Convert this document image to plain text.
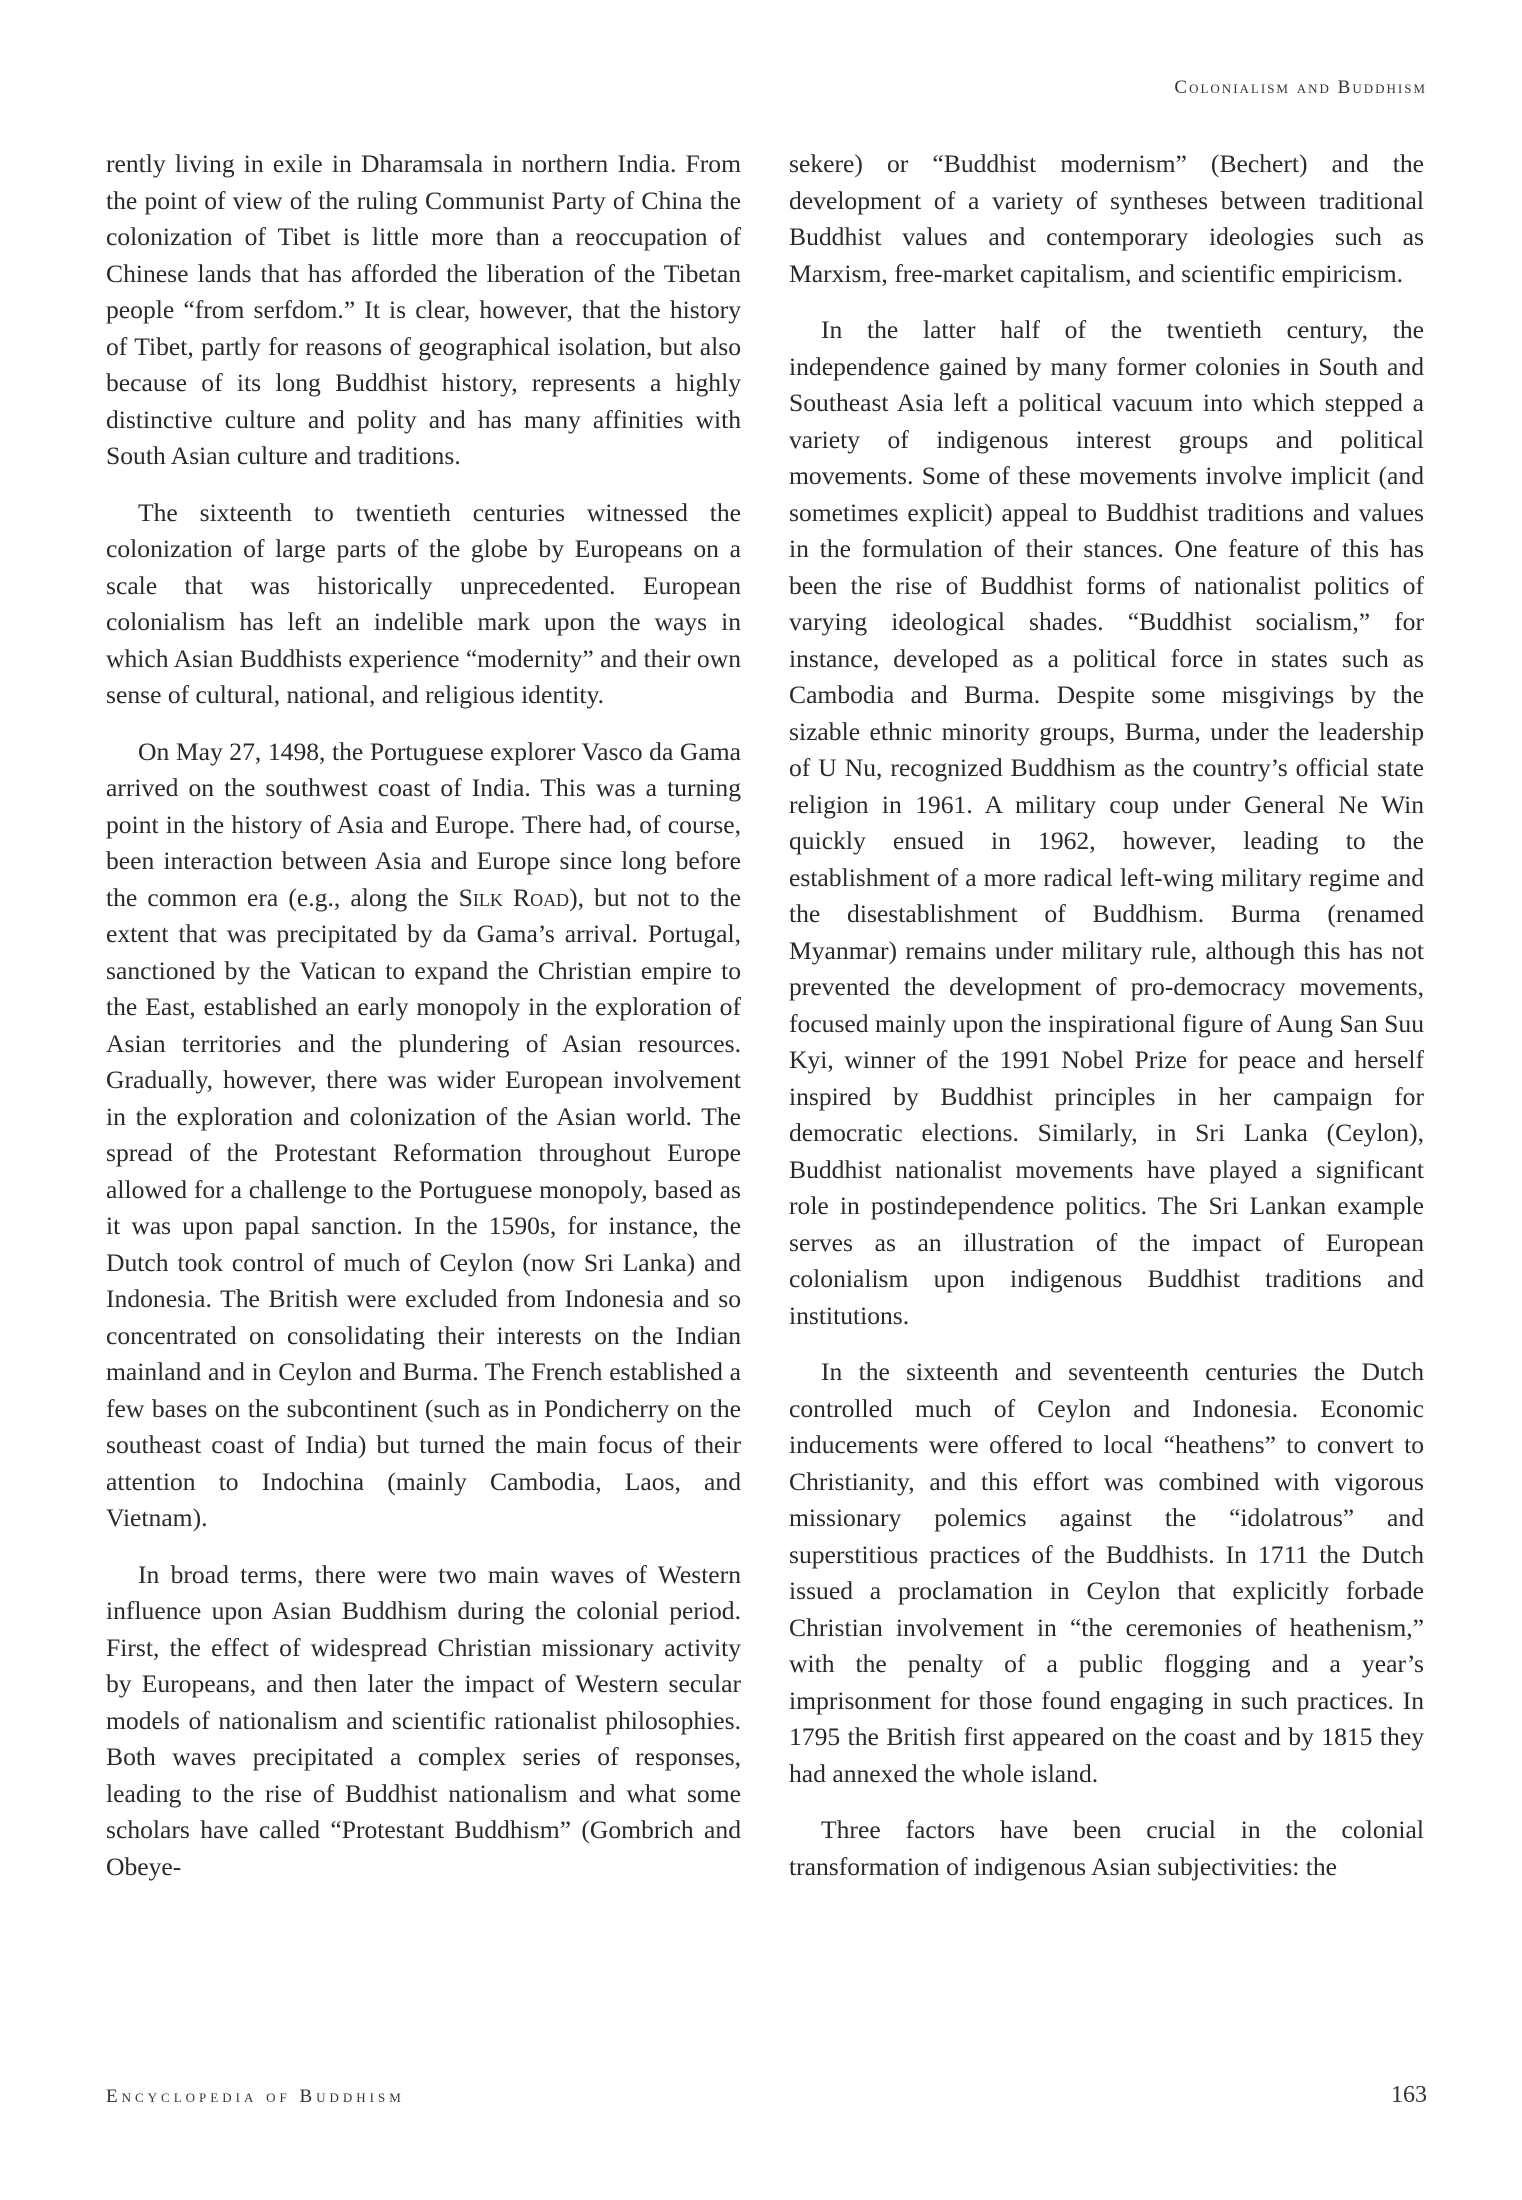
Colonialism and Buddhism

rently living in exile in Dharamsala in northern India. From the point of view of the ruling Communist Party of China the colonization of Tibet is little more than a reoccupation of Chinese lands that has afforded the liberation of the Tibetan people “from serfdom.” It is clear, however, that the history of Tibet, partly for reasons of geographical isolation, but also because of its long Buddhist history, represents a highly distinctive culture and polity and has many affinities with South Asian culture and traditions.

The sixteenth to twentieth centuries witnessed the colonization of large parts of the globe by Europeans on a scale that was historically unprecedented. European colonialism has left an indelible mark upon the ways in which Asian Buddhists experience “modernity” and their own sense of cultural, national, and religious identity.

On May 27, 1498, the Portuguese explorer Vasco da Gama arrived on the southwest coast of India. This was a turning point in the history of Asia and Europe. There had, of course, been interaction between Asia and Europe since long before the common era (e.g., along the Silk Road), but not to the extent that was precipitated by da Gama’s arrival. Portugal, sanctioned by the Vatican to expand the Christian empire to the East, established an early monopoly in the exploration of Asian territories and the plundering of Asian resources. Gradually, however, there was wider European involvement in the exploration and colonization of the Asian world. The spread of the Protestant Reformation throughout Europe allowed for a challenge to the Portuguese monopoly, based as it was upon papal sanction. In the 1590s, for instance, the Dutch took control of much of Ceylon (now Sri Lanka) and Indonesia. The British were excluded from Indonesia and so concentrated on consolidating their interests on the Indian mainland and in Ceylon and Burma. The French established a few bases on the subcontinent (such as in Pondicherry on the southeast coast of India) but turned the main focus of their attention to Indochina (mainly Cambodia, Laos, and Vietnam).

In broad terms, there were two main waves of Western influence upon Asian Buddhism during the colonial period. First, the effect of widespread Christian missionary activity by Europeans, and then later the impact of Western secular models of nationalism and scientific rationalist philosophies. Both waves precipitated a complex series of responses, leading to the rise of Buddhist nationalism and what some scholars have called “Protestant Buddhism” (Gombrich and Obeye-

sekere) or “Buddhist modernism” (Bechert) and the development of a variety of syntheses between traditional Buddhist values and contemporary ideologies such as Marxism, free-market capitalism, and scientific empiricism.

In the latter half of the twentieth century, the independence gained by many former colonies in South and Southeast Asia left a political vacuum into which stepped a variety of indigenous interest groups and political movements. Some of these movements involve implicit (and sometimes explicit) appeal to Buddhist traditions and values in the formulation of their stances. One feature of this has been the rise of Buddhist forms of nationalist politics of varying ideological shades. “Buddhist socialism,” for instance, developed as a political force in states such as Cambodia and Burma. Despite some misgivings by the sizable ethnic minority groups, Burma, under the leadership of U Nu, recognized Buddhism as the country’s official state religion in 1961. A military coup under General Ne Win quickly ensued in 1962, however, leading to the establishment of a more radical left-wing military regime and the disestablishment of Buddhism. Burma (renamed Myanmar) remains under military rule, although this has not prevented the development of pro-democracy movements, focused mainly upon the inspirational figure of Aung San Suu Kyi, winner of the 1991 Nobel Prize for peace and herself inspired by Buddhist principles in her campaign for democratic elections. Similarly, in Sri Lanka (Ceylon), Buddhist nationalist movements have played a significant role in postindependence politics. The Sri Lankan example serves as an illustration of the impact of European colonialism upon indigenous Buddhist traditions and institutions.

In the sixteenth and seventeenth centuries the Dutch controlled much of Ceylon and Indonesia. Economic inducements were offered to local “heathens” to convert to Christianity, and this effort was combined with vigorous missionary polemics against the “idolatrous” and superstitious practices of the Buddhists. In 1711 the Dutch issued a proclamation in Ceylon that explicitly forbade Christian involvement in “the ceremonies of heathenism,” with the penalty of a public flogging and a year’s imprisonment for those found engaging in such practices. In 1795 the British first appeared on the coast and by 1815 they had annexed the whole island.

Three factors have been crucial in the colonial transformation of indigenous Asian subjectivities: the

Encyclopedia of Buddhism	163
